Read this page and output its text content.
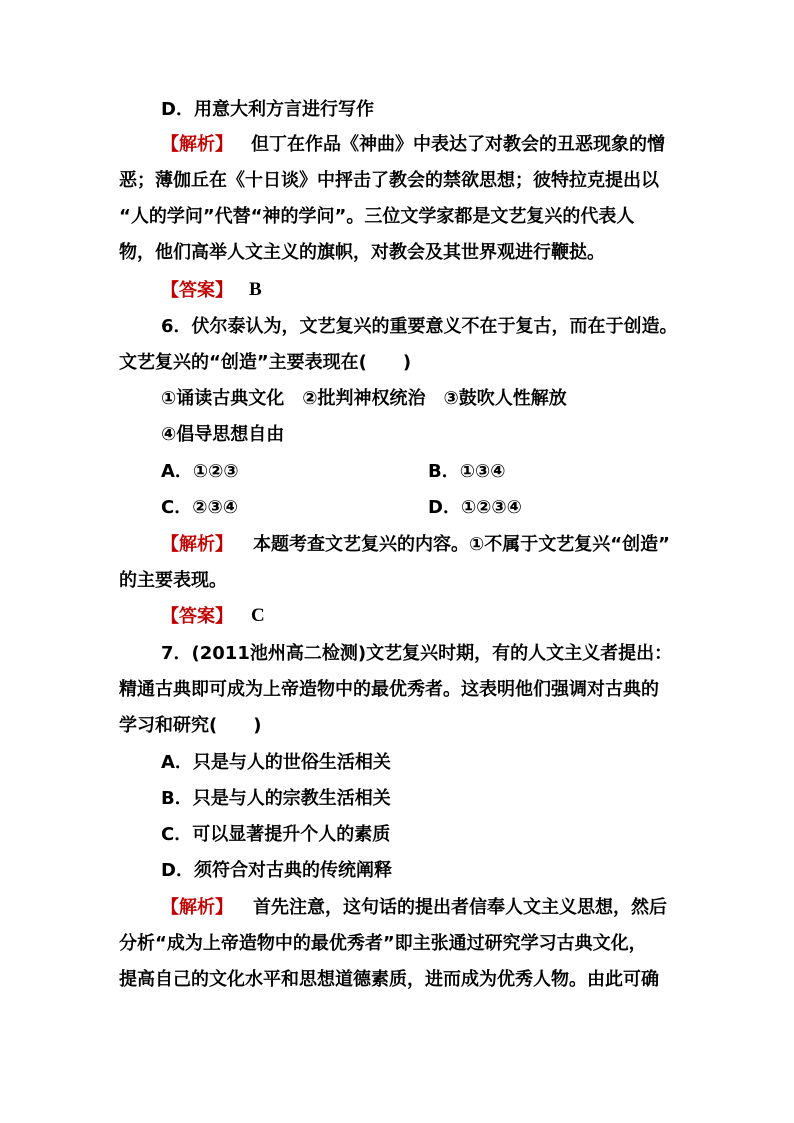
D．用意大利方言进行写作
【解析】 但丁在作品《神曲》中表达了对教会的丑恶现象的憎
恶；薄伽丘在《十日谈》中抨击了教会的禁欲思想；彼特拉克提出以
“人的学问”代替“神的学问”。三位文学家都是文艺复兴的代表人
物，他们高举人文主义的旗帜，对教会及其世界观进行鞭挞。
【答案】 B
6．伏尔泰认为，文艺复兴的重要意义不在于复古，而在于创造。
文艺复兴的“创造”主要表现在(　　)
①诵读古典文化　②批判神权统治　③鼓吹人性解放
④倡导思想自由
A．①②③	B．①③④
C．②③④	D．①②③④
【解析】 本题考查文艺复兴的内容。①不属于文艺复兴“创造”
的主要表现。
【答案】 C
7．(2011池州高二检测)文艺复兴时期，有的人文主义者提出：
精通古典即可成为上帝造物中的最优秀者。这表明他们强调对古典的
学习和研究(　　)
A．只是与人的世俗生活相关
B．只是与人的宗教生活相关
C．可以显著提升个人的素质
D．须符合对古典的传统阐释
【解析】 首先注意，这句话的提出者信奉人文主义思想，然后
分析“成为上帝造物中的最优秀者”即主张通过研究学习古典文化，
提高自己的文化水平和思想道德素质，进而成为优秀人物。由此可确
